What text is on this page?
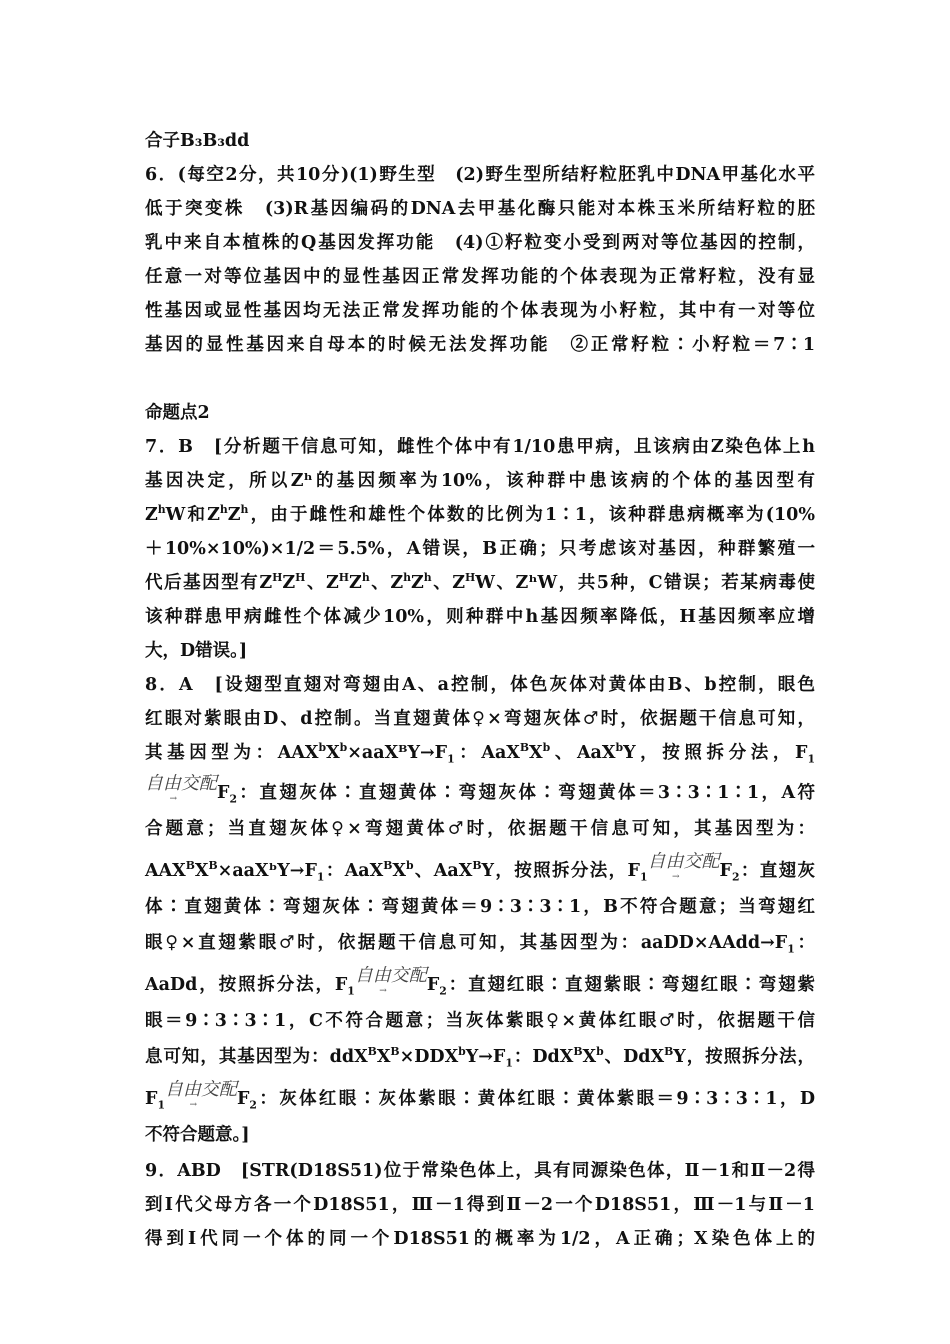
合子B₃B₃dd
6．(每空2分，共10分)(1)野生型　(2)野生型所结籽粒胚乳中DNA甲基化水平
低于突变株　(3)R基因编码的DNA去甲基化酶只能对本株玉米所结籽粒的胚
乳中来自本植株的Q基因发挥功能　(4)①籽粒变小受到两对等位基因的控制，
任意一对等位基因中的显性基因正常发挥功能的个体表现为正常籽粒，没有显
性基因或显性基因均无法正常发挥功能的个体表现为小籽粒，其中有一对等位
基因的显性基因来自母本的时候无法发挥功能　②正常籽粒∶小籽粒＝7∶1
命题点2
7．B　[分析题干信息可知，雌性个体中有1/10患甲病，且该病由Z染色体上h
基因决定，所以Zʰ的基因频率为10%，该种群中患该病的个体的基因型有
$Z^hW$和$Z^hZ^h$，由于雌性和雄性个体数的比例为1∶1，该种群患病概率为(10%
＋10%×10%)×1/2＝5.5%，A错误，B正确；只考虑该对基因，种群繁殖一
代后基因型有$Z^HZ^H$、$Z^HZ^h$、$Z^hZ^h$、$Z^HW$、ZʰW，共5种，C错误；若某病毒使
该种群患甲病雌性个体减少10%，则种群中h基因频率降低，H基因频率应增
大，D错误。]
8．A　[设翅型直翅对弯翅由A、a控制，体色灰体对黄体由B、b控制，眼色
红眼对紫眼由D、d控制。当直翅黄体♀×弯翅灰体♂时，依据题干信息可知，
其基因型为：$AAX^bX^b\times aaXᴮY\to F_1$：$AaX^BX^b$、AaX$^b$Y，按照拆分法，$F_1$
自由交配 $\to F_2$：直翅灰体∶直翅黄体∶弯翅灰体∶弯翅黄体＝3∶3∶1∶1，A符
合题意；当直翅灰体♀×弯翅黄体♂时，依据题干信息可知，其基因型为：
$AAX^BX^B\times aaXᵇY\to F_1$：$AaX^BX^b$、AaX$^B$Y，按照拆分法，$F_1$自由交配 $\to F_2$：直翅灰
体∶直翅黄体∶弯翅灰体∶弯翅黄体＝9∶3∶3∶1，B不符合题意；当弯翅红
眼♀×直翅紫眼♂时，依据题干信息可知，其基因型为：$aaDD\times AAdd\to F_1$：
AaDd，按照拆分法，$F_1$自由交配 $\to F_2$：直翅红眼∶直翅紫眼∶弯翅红眼∶弯翅紫
眼＝9∶3∶3∶1，C不符合题意；当灰体紫眼♀×黄体红眼♂时，依据题干信
息可知，其基因型为：$ddX^BX^B\times DDX^bY\to F_1$：$DdX^BX^b$、DdX$^B$Y，按照拆分法，
$F_1$自由交配 $\to F_2$：灰体红眼∶灰体紫眼∶黄体红眼∶黄体紫眼＝9∶3∶3∶1，D
不符合题意。]
9．ABD　[STR(D18S51)位于常染色体上，具有同源染色体，Ⅱ－1和Ⅱ－2得
到Ⅰ代父母方各一个D18S51，Ⅲ－1得到Ⅱ－2一个D18S51，Ⅲ－1与Ⅱ－1
得到Ⅰ代同一个体的同一个D18S51的概率为1/2，A正确；X染色体上的
